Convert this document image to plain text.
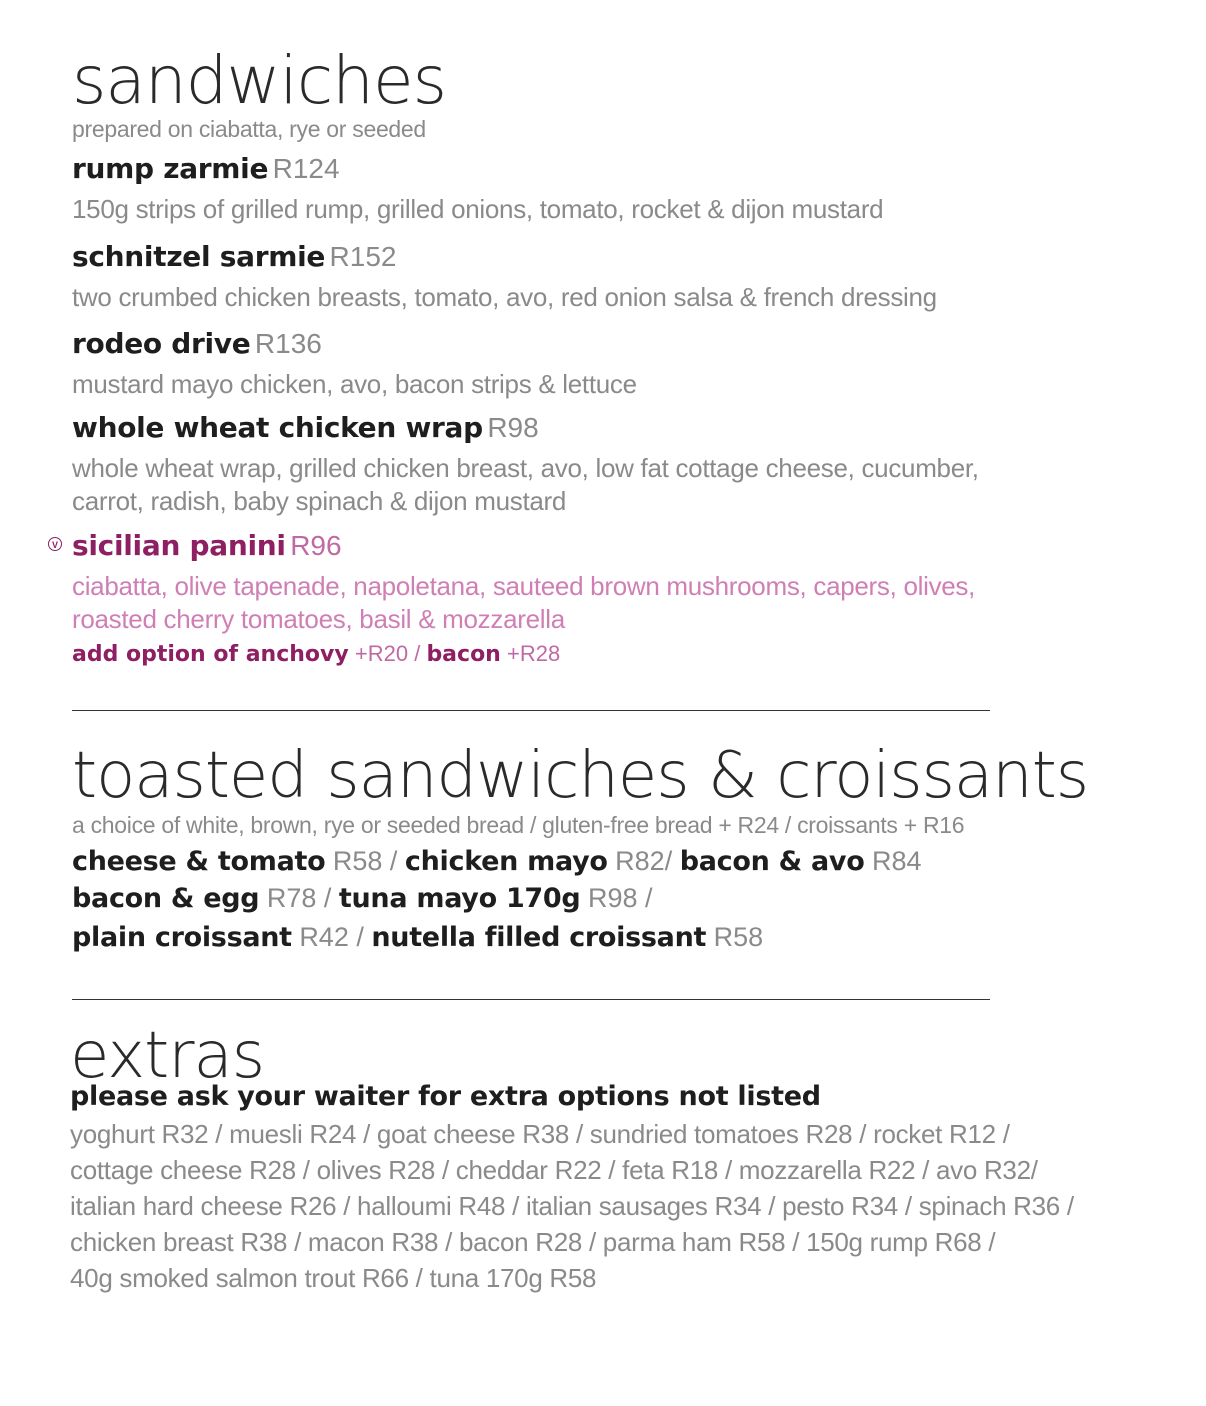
sandwiches

prepared on ciabatta, rye or seeded

rump zarmie R124
150g strips of grilled rump, grilled onions, tomato, rocket & dijon mustard
schnitzel sarmie R152
two crumbed chicken breasts, tomato, avo, red onion salsa & french dressing
rodeo drive R136
mustard mayo chicken, avo, bacon strips & lettuce
whole wheat chicken wrap R98
whole wheat wrap, grilled chicken breast, avo, low fat cottage cheese, cucumber,
carrot, radish, baby spinach & dijon mustard
V sicilian panini R96
ciabatta, olive tapenade, napoletana, sauteed brown mushrooms, capers, olives,
roasted cherry tomatoes, basil & mozzarella
add option of anchovy +R20 / bacon +R28
toasted sandwiches & croissants

a choice of white, brown, rye or seeded bread / gluten-free bread + R24 / croissants + R16

cheese & tomato R58 / chicken mayo R82/ bacon & avo R84
bacon & egg R78 / tuna mayo 170g R98 /
plain croissant R42 / nutella filled croissant R58
extras
please ask your waiter for extra options not listed
yoghurt R32 / muesli R24 / goat cheese R38 / sundried tomatoes R28 / rocket R12 /
cottage cheese R28 / olives R28 / cheddar R22 / feta R18 / mozzarella R22 / avo R32/
italian hard cheese R26 / halloumi R48 / italian sausages R34 / pesto R34 / spinach R36 /
chicken breast R38 / macon R38 / bacon R28 / parma ham R58 / 150g rump R68 /
40g smoked salmon trout R66 / tuna 170g R58
